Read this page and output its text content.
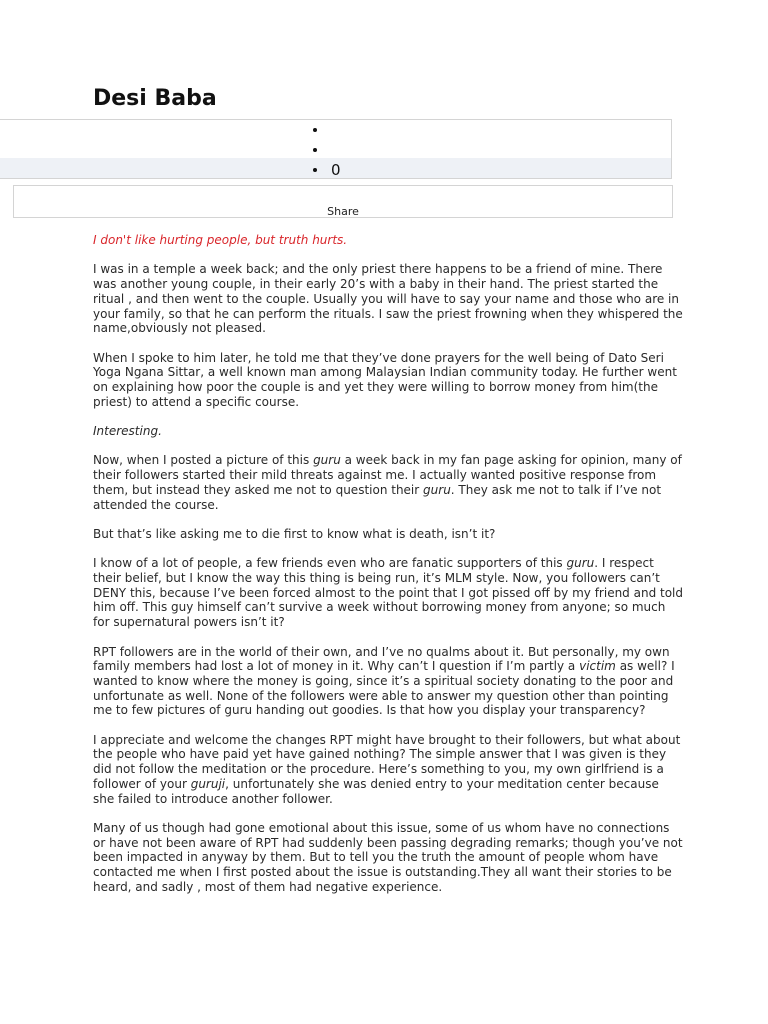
Desi Baba
0
Share

I don't like hurting people, but truth hurts.

I was in a temple a week back; and the only priest there happens to be a friend of mine. There was another young couple, in their early 20’s with a baby in their hand. The priest started the ritual , and then went to the couple. Usually you will have to say your name and those who are in your family, so that he can perform the rituals. I saw the priest frowning when they whispered the name,obviously not pleased.

When I spoke to him later, he told me that they’ve done prayers for the well being of Dato Seri Yoga Ngana Sittar, a well known man among Malaysian Indian community today. He further went on explaining how poor the couple is and yet they were willing to borrow money from him(the priest) to attend a specific course.

Interesting.

Now, when I posted a picture of this guru a week back in my fan page asking for opinion, many of their followers started their mild threats against me. I actually wanted positive response from them, but instead they asked me not to question their guru. They ask me not to talk if I’ve not attended the course.

But that’s like asking me to die first to know what is death, isn’t it?

I know of a lot of people, a few friends even who are fanatic supporters of this guru. I respect their belief, but I know the way this thing is being run, it’s MLM style. Now, you followers can’t DENY this, because I’ve been forced almost to the point that I got pissed off by my friend and told him off. This guy himself can’t survive a week without borrowing money from anyone; so much for supernatural powers isn’t it?

RPT followers are in the world of their own, and I’ve no qualms about it. But personally, my own family members had lost a lot of money in it. Why can’t I question if I’m partly a victim as well? I wanted to know where the money is going, since it’s a spiritual society donating to the poor and unfortunate as well. None of the followers were able to answer my question other than pointing me to few pictures of guru handing out goodies. Is that how you display your transparency?

I appreciate and welcome the changes RPT might have brought to their followers, but what about the people who have paid yet have gained nothing? The simple answer that I was given is they did not follow the meditation or the procedure. Here’s something to you, my own girlfriend is a follower of your guruji, unfortunately she was denied entry to your meditation center because she failed to introduce another follower.

Many of us though had gone emotional about this issue, some of us whom have no connections or have not been aware of RPT had suddenly been passing degrading remarks; though you’ve not been impacted in anyway by them. But to tell you the truth the amount of people whom have contacted me when I first posted about the issue is outstanding.They all want their stories to be heard, and sadly , most of them had negative experience.
